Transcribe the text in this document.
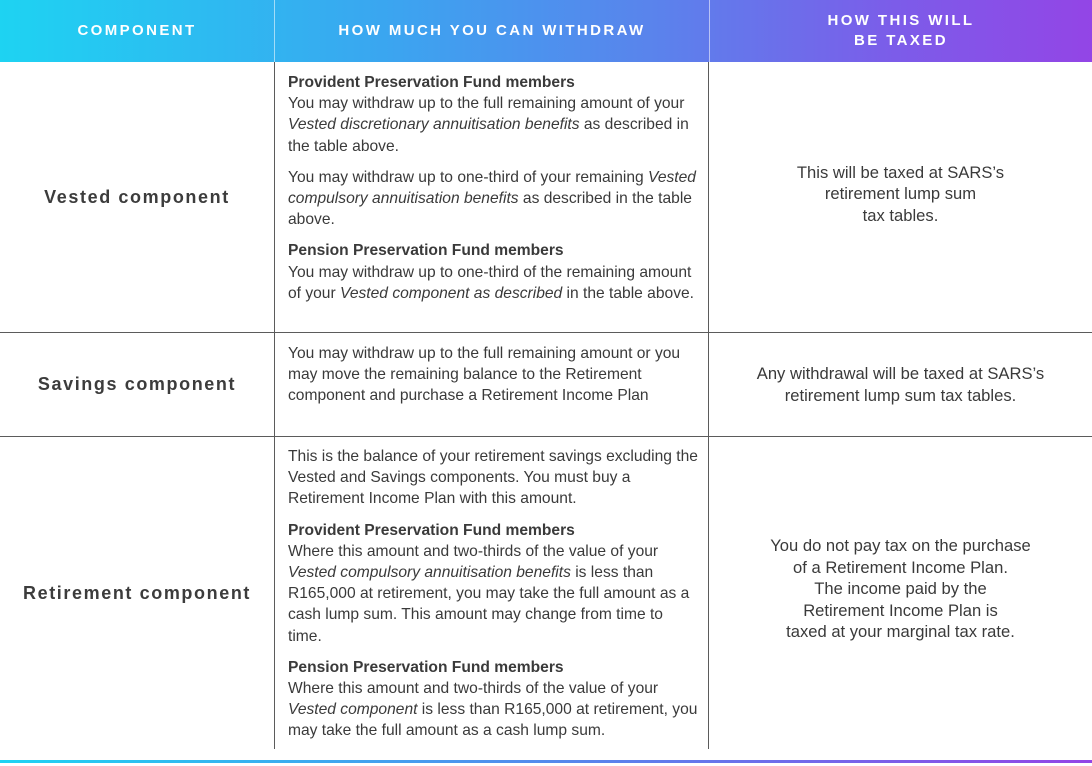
COMPONENT	HOW MUCH YOU CAN WITHDRAW
HOW THIS WILL
BE TAXED
Vested component
Provident Preservation Fund members
You may withdraw up to the full remaining amount of your Vested discretionary annuitisation benefits as described in the table above.
You may withdraw up to one-third of your remaining Vested compulsory annuitisation benefits as described in the table above.
Pension Preservation Fund members
You may withdraw up to one-third of the remaining amount of your Vested component as described in the table above.
This will be taxed at SARS’s
retirement lump sum
tax tables.
Savings component
You may withdraw up to the full remaining amount or you may move the remaining balance to the Retirement component and purchase a Retirement Income Plan
Any withdrawal will be taxed at SARS’s
retirement lump sum tax tables.
Retirement component
This is the balance of your retirement savings excluding the Vested and Savings components. You must buy a Retirement Income Plan with this amount.
Provident Preservation Fund members
Where this amount and two-thirds of the value of your Vested compulsory annuitisation benefits is less than R165,000 at retirement, you may take the full amount as a cash lump sum. This amount may change from time to time.
Pension Preservation Fund members
Where this amount and two-thirds of the value of your Vested component is less than R165,000 at retirement, you may take the full amount as a cash lump sum.
You do not pay tax on the purchase
of a Retirement Income Plan.
The income paid by the
Retirement Income Plan is
taxed at your marginal tax rate.
